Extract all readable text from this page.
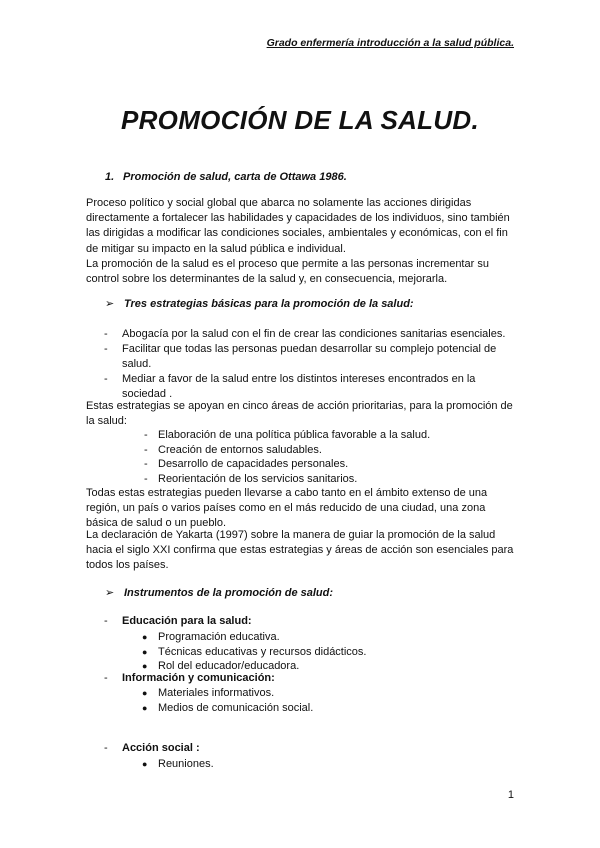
Grado enfermería introducción a la salud pública.
PROMOCIÓN DE LA SALUD.
1. Promoción de salud, carta de Ottawa 1986.
Proceso político y social global que abarca no solamente las acciones dirigidas directamente a fortalecer las habilidades y capacidades de los individuos, sino también las dirigidas a modificar las condiciones sociales, ambientales y económicas, con el fin de mitigar su impacto en la salud pública e individual.
La promoción de la salud es el proceso que permite a las personas incrementar su control sobre los determinantes de la salud y, en consecuencia, mejorarla.
➢ Tres estrategias básicas para la promoción de la salud:
- Abogacía por la salud con el fin de crear las condiciones sanitarias esenciales.
- Facilitar que todas las personas puedan desarrollar su complejo potencial de salud.
- Mediar a favor de la salud entre los distintos intereses encontrados en la sociedad .
Estas estrategias se apoyan en cinco áreas de acción prioritarias, para la promoción de la salud:
- Elaboración de una política pública favorable a la salud.
- Creación de entornos saludables.
- Desarrollo de capacidades personales.
- Reorientación de los servicios sanitarios.
Todas estas estrategias pueden llevarse a cabo tanto en el ámbito extenso de una región, un país o varios países como en el más reducido de una ciudad, una zona básica de salud o un pueblo.
La declaración de Yakarta (1997) sobre la manera de guiar la promoción de la salud hacia el siglo XXI confirma que estas estrategias y áreas de acción son esenciales para todos los países.
➢ Instrumentos de la promoción de salud:
- Educación para la salud:
● Programación educativa.
● Técnicas educativas y recursos didácticos.
● Rol del educador/educadora.
- Información y comunicación:
● Materiales informativos.
● Medios de comunicación social.
- Acción social :
● Reuniones.
1
